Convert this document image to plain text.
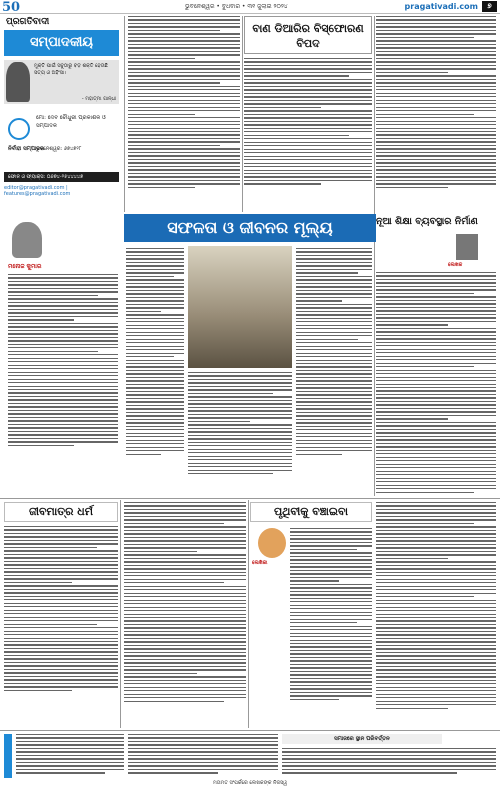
50	ଭୁବନେଶ୍ୱର • ବୁଧବାର • ୩୧ ଜୁଲାଇ ୨୦୨୪	pragativadi.com	୭
ପ୍ରଗତିବାଦୀ
ସମ୍ପାଦକୀୟ
ମୁକ୍ତି ପାଇଁ ସବୁଠାରୁ ବଡ଼ ଶକ୍ତି ହେଉଛି ସତ୍ୟ ଓ ଅହିଂସା।
- ମହାତ୍ମା ଗାନ୍ଧୀ
ମୋ: ଦେବ ଚୌଧୁରୀ ପ୍ରକାଶକ ଓ ସମ୍ପାଦକ
ନିର୍ବାହୀ ସମ୍ପାଦକ
ଭୁବନେଶ୍ୱର: ୬୭୪୭୨୮
ଫୋନ ଓ ଫ୍ୟାକ୍ସ: ୦୬୭୪-୨୫୪୪୪୪୭
editor@pragativadi.com | features@pragativadi.com
ବାଣ ଡିଆରିର ବିସ୍ଫୋରଣ ବିପଦ
ସଫଳତା ଓ ଜୀବନର ମୂଲ୍ୟ
ମନୋଜ କୁମାର
ନୂଆ ଶିକ୍ଷା ବ୍ୟବସ୍ଥାର ନିର୍ମାଣ
ଲେଖକ
ଜୀବମାତ୍ର ଧର୍ମ	ପୃଥିବୀକୁ ବଞ୍ଚାଇବା
ଲେଖିକା
ସମାଜରେ ସ୍ଥାନ ପରିବର୍ତ୍ତନ
ମତାମତ ସଂପର୍କରେ ଲେଖକଙ୍କ ନିଜସ୍ୱ
